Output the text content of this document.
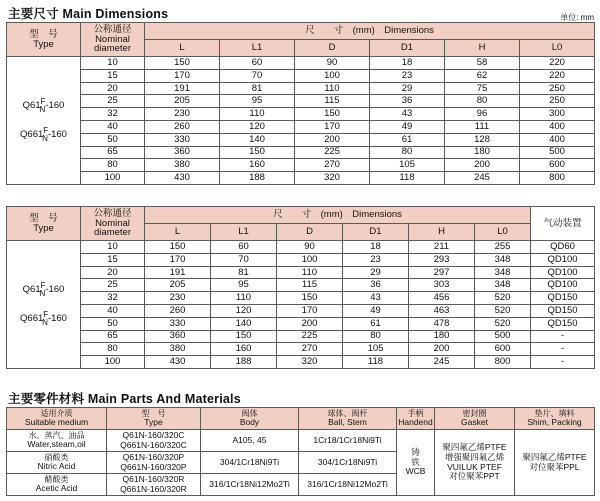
主要尺寸 Main Dimensions	单位: mm
型　号
Type	公称通径
Nominal
diameter	尺　　寸　(mm)　Dimensions					
		L	L1	D	D1	H	L0
$Q61^F_N-160$

$Q661^F_N-160$	10	150	60	90	18	58	220
	15	170	70	100	23	62	220
	20	191	81	110	29	75	250
	25	205	95	115	36	80	250
	32	230	110	150	43	96	300
	40	260	120	170	49	111	400
	50	330	140	200	61	128	400
	65	360	150	225	80	180	500
	80	380	160	270	105	200	600
	100	430	188	320	118	245	800
型　号
Type	公称通径
Nominal
diameter	尺　　寸　(mm)　Dimensions						气动装置
		L	L1	D	D1	H	L0	
$Q61^F_N-160$

$Q661^F_N-160$	10	150	60	90	18	211	255	QD60
	15	170	70	100	23	293	348	QD100
	20	191	81	110	29	297	348	QD100
	25	205	95	115	36	303	348	QD100
	32	230	110	150	43	456	520	QD150
	40	260	120	170	49	463	520	QD150
	50	330	140	200	61	478	520	QD150
	65	360	150	225	80	180	500	-
	80	380	160	270	105	200	600	-
	100	430	188	320	118	245	800	-
主要零件材料 Main Parts And Materials
适用介质
Suitable medium	型　号
Type	阀体
Body	球体、阀杆
Ball, Stem	手柄
Handend	密封圈
Gasket	垫片、填料
Shim, Packing

水、蒸汽、油品
Water,steam,oil	Q61N-160/320C
Q661N-160/320C	A105, 45	1Cr18/1Cr18Ni9Ti	铸
铁
WCB	聚四氟乙烯PTFE
增强聚四氟乙烯
VUILUK PTEF
对位聚苯PPT	聚四氟乙烯PTFE
对位聚苯PPL

硝酸类
Nitric Acid	Q61N-160/320P
Q661N-160/320P	304/1Cr18Ni9Ti	304/1Cr18Ni9Ti			

醋酸类
Acetic Acid	Q61N-160/320R
Q661N-160/320R	316/1Cr18Ni12Mo2Ti	316/1Cr18Ni12Mo2Ti			
